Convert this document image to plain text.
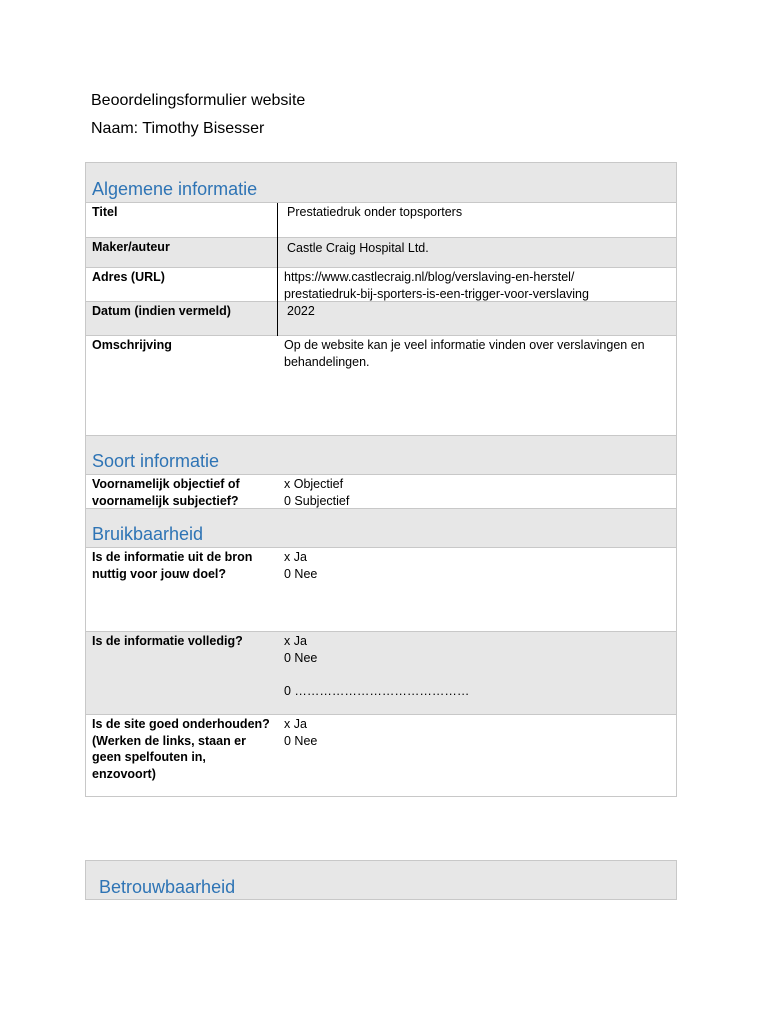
Beoordelingsformulier website
Naam: Timothy Bisesser
Algemene informatie
Titel	Prestatiedruk onder topsporters
Maker/auteur	Castle Craig Hospital Ltd.
Adres (URL)	https://www.castlecraig.nl/blog/verslaving-en-herstel/
prestatiedruk-bij-sporters-is-een-trigger-voor-verslaving
Datum (indien vermeld)	2022
Omschrijving	Op de website kan je veel informatie vinden over verslavingen en behandelingen.
Soort informatie
Voornamelijk objectief of voornamelijk subjectief?
x Objectief
0 Subjectief
Bruikbaarheid
Is de informatie uit de bron nuttig voor jouw doel?
x Ja
0 Nee
Is de informatie volledig?	x Ja
0 Nee
0 ……………………………………
Is de site goed onderhouden? (Werken de links, staan er geen spelfouten in, enzovoort)
x Ja
0 Nee
Betrouwbaarheid
